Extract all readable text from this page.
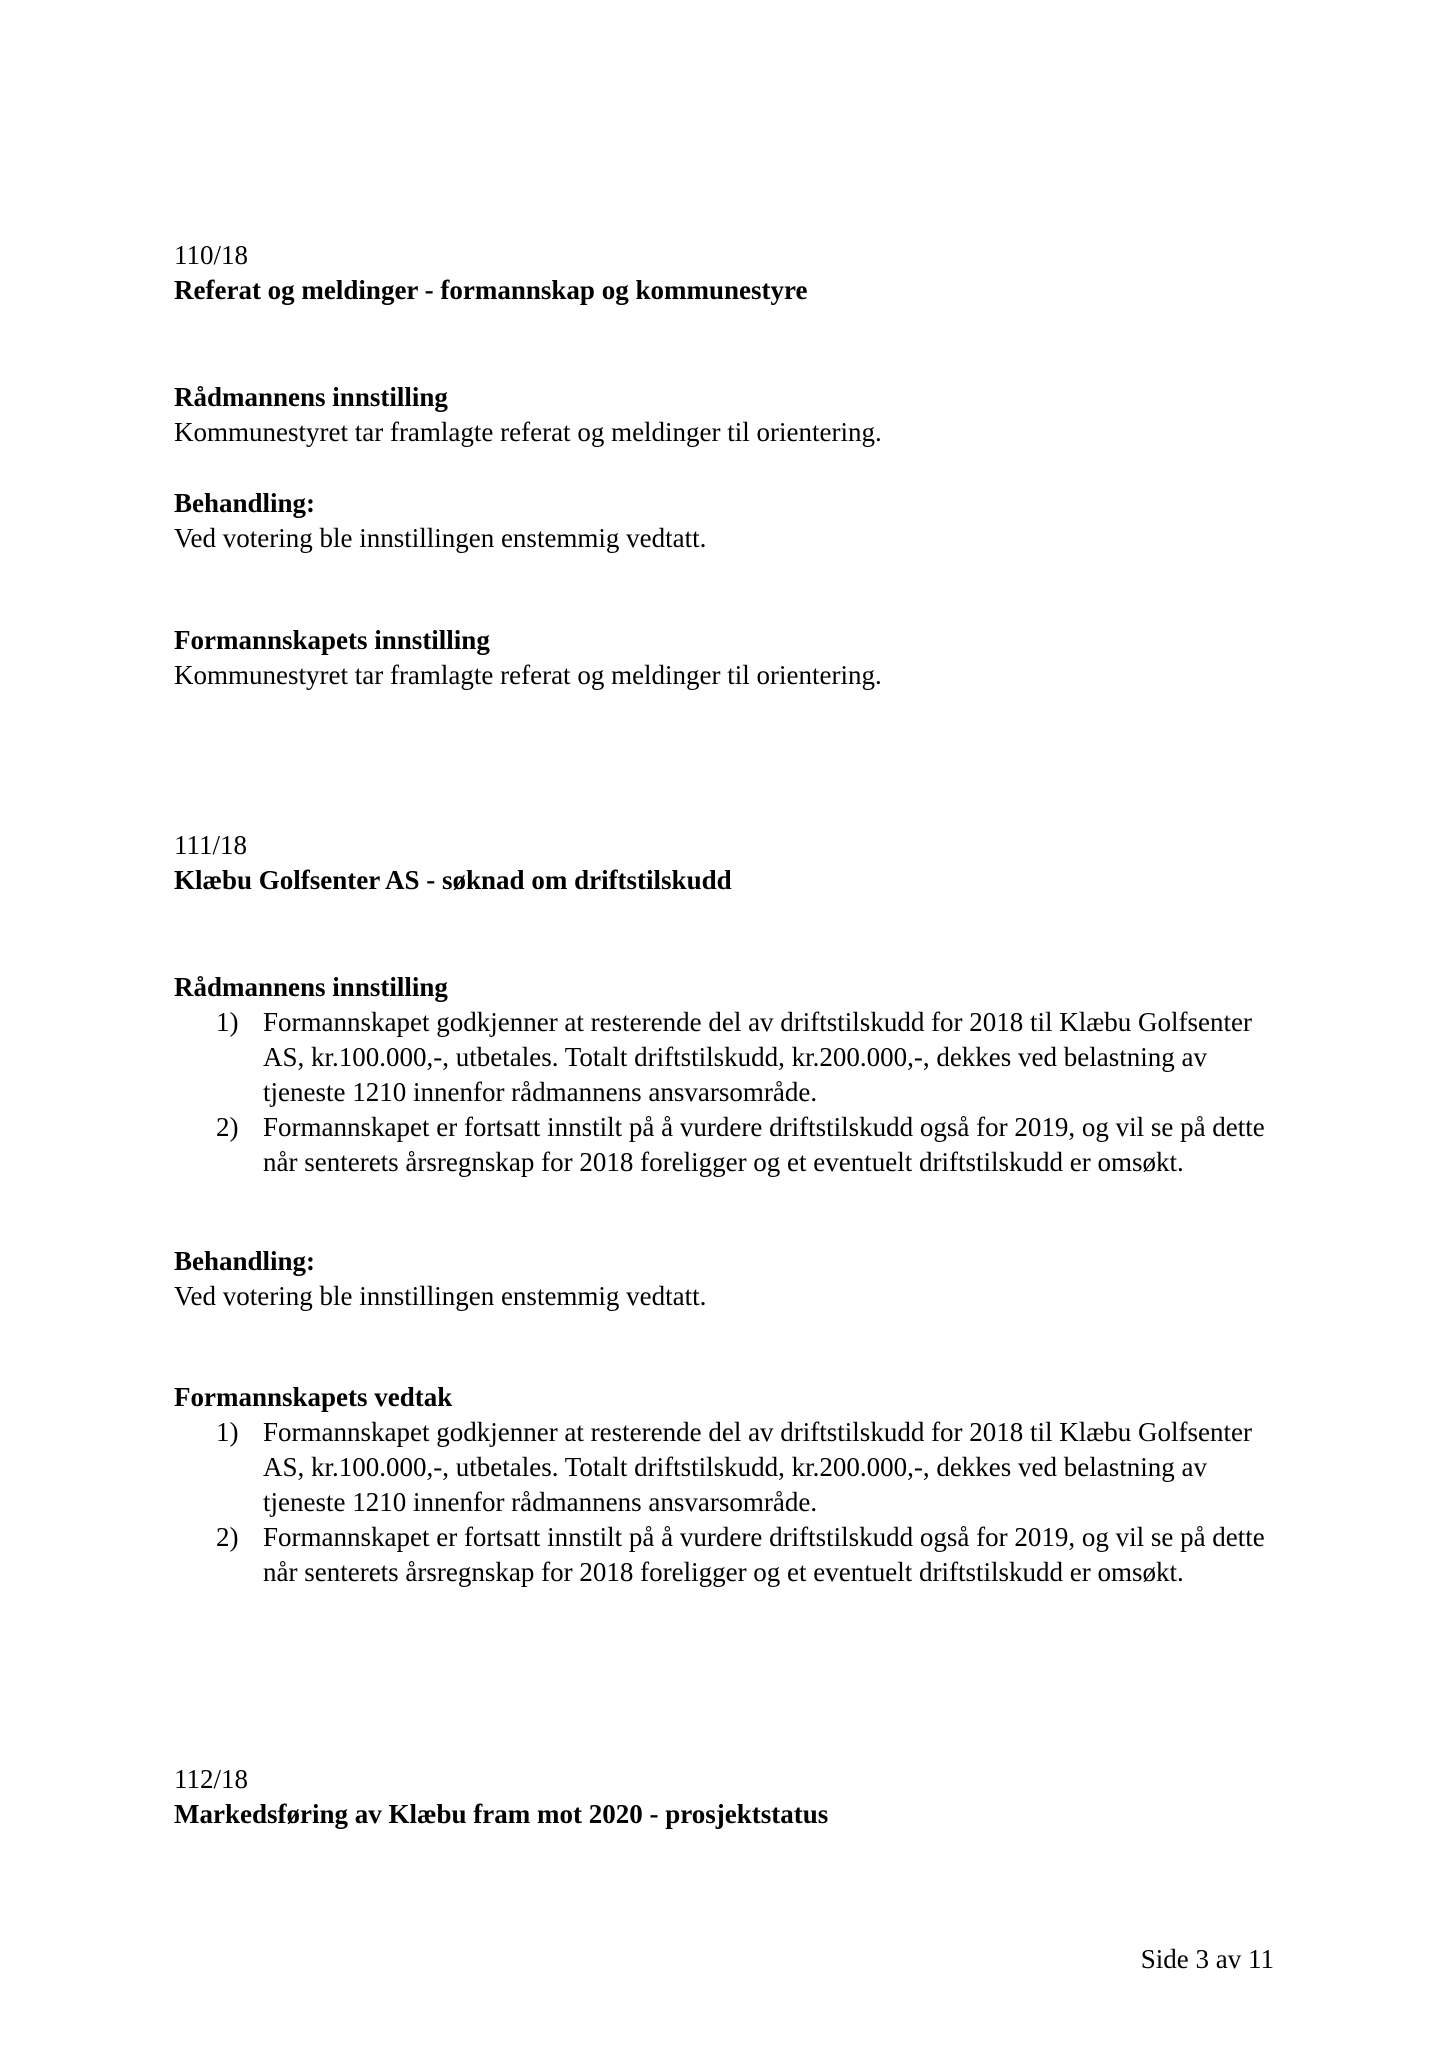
110/18
Referat og meldinger - formannskap og kommunestyre
Rådmannens innstilling
Kommunestyret tar framlagte referat og meldinger til orientering.
Behandling:
Ved votering ble innstillingen enstemmig vedtatt.
Formannskapets innstilling
Kommunestyret tar framlagte referat og meldinger til orientering.
111/18
Klæbu Golfsenter AS - søknad om driftstilskudd
Rådmannens innstilling
1) Formannskapet godkjenner at resterende del av driftstilskudd for 2018 til Klæbu Golfsenter AS, kr.100.000,-, utbetales. Totalt driftstilskudd, kr.200.000,-, dekkes ved belastning av tjeneste 1210 innenfor rådmannens ansvarsområde.
2) Formannskapet er fortsatt innstilt på å vurdere driftstilskudd også for 2019, og vil se på dette når senterets årsregnskap for 2018 foreligger og et eventuelt driftstilskudd er omsøkt.
Behandling:
Ved votering ble innstillingen enstemmig vedtatt.
Formannskapets vedtak
1) Formannskapet godkjenner at resterende del av driftstilskudd for 2018 til Klæbu Golfsenter AS, kr.100.000,-, utbetales. Totalt driftstilskudd, kr.200.000,-, dekkes ved belastning av tjeneste 1210 innenfor rådmannens ansvarsområde.
2) Formannskapet er fortsatt innstilt på å vurdere driftstilskudd også for 2019, og vil se på dette når senterets årsregnskap for 2018 foreligger og et eventuelt driftstilskudd er omsøkt.
112/18
Markedsføring av Klæbu fram mot 2020 - prosjektstatus
Side 3 av 11
